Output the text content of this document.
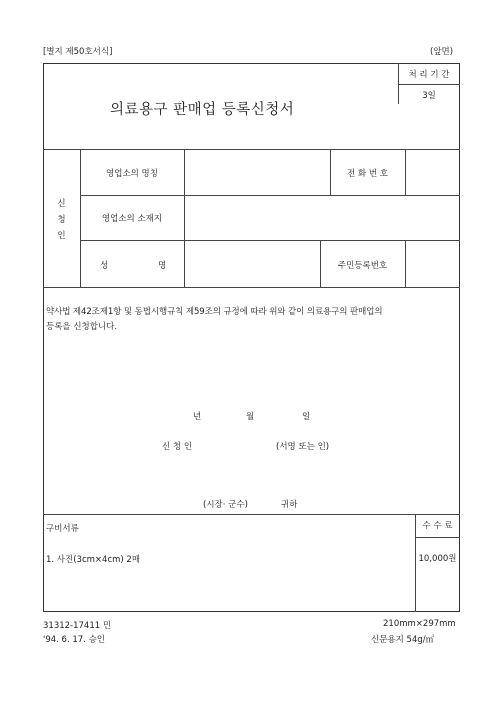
[별지 제50호서식]	(앞면)
의료용구 판매업 등록신청서
처 리 기 간
3일
신
청
인
영업소의 명칭	전 화 번 호
영업소의 소재지
성	명	주민등록번호
약사법 제42조제1항 및 동법시행규칙 제59조의 규정에 따라 위와 같이 의료용구의 판매업의
등록을 신청합니다.
년	월	일
신 청 인	(서명 또는 인)
(시장· 군수)	귀하
구비서류
1. 사진(3cm×4cm) 2매
수 수 료
10,000원
31312-17411 민
'94. 6. 17. 승인
210mm×297mm
신문용지 54g/㎡
